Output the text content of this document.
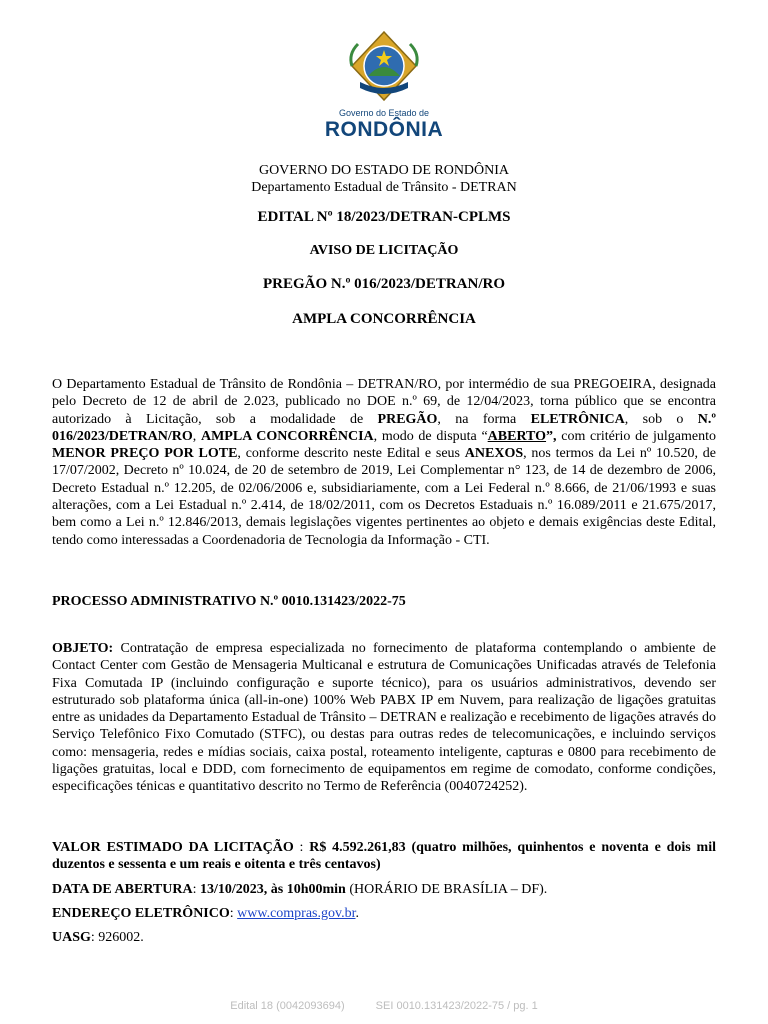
Governo do Estado de
RONDÔNIA
GOVERNO DO ESTADO DE RONDÔNIA
Departamento Estadual de Trânsito - DETRAN
EDITAL Nº 18/2023/DETRAN-CPLMS
AVISO DE LICITAÇÃO
PREGÃO N.º 016/2023/DETRAN/RO
AMPLA CONCORRÊNCIA

O Departamento Estadual de Trânsito de Rondônia – DETRAN/RO, por intermédio de sua PREGOEIRA, designada pelo Decreto de 12 de abril de 2.023, publicado no DOE n.º 69, de 12/04/2023, torna público que se encontra autorizado à Licitação, sob a modalidade de PREGÃO, na forma ELETRÔNICA, sob o N.º 016/2023/DETRAN/RO, AMPLA CONCORRÊNCIA, modo de disputa “ABERTO”, com critério de julgamento MENOR PREÇO POR LOTE, conforme descrito neste Edital e seus ANEXOS, nos termos da Lei nº 10.520, de 17/07/2002, Decreto nº 10.024, de 20 de setembro de 2019, Lei Complementar n° 123, de 14 de dezembro de 2006, Decreto Estadual n.º 12.205, de 02/06/2006 e, subsidiariamente, com a Lei Federal n.º 8.666, de 21/06/1993 e suas alterações, com a Lei Estadual n.º 2.414, de 18/02/2011, com os Decretos Estaduais n.º 16.089/2011 e 21.675/2017, bem como a Lei n.º 12.846/2013, demais legislações vigentes pertinentes ao objeto e demais exigências deste Edital, tendo como interessadas a Coordenadoria de Tecnologia da Informação - CTI.

PROCESSO ADMINISTRATIVO N.º 0010.131423/2022-75

OBJETO: Contratação de empresa especializada no fornecimento de plataforma contemplando o ambiente de Contact Center com Gestão de Mensageria Multicanal e estrutura de Comunicações Unificadas através de Telefonia Fixa Comutada IP (incluindo configuração e suporte técnico), para os usuários administrativos, devendo ser estruturado sob plataforma única (all-in-one) 100% Web PABX IP em Nuvem, para realização de ligações gratuitas entre as unidades da Departamento Estadual de Trânsito – DETRAN e realização e recebimento de ligações através do Serviço Telefônico Fixo Comutado (STFC), ou destas para outras redes de telecomunicações, e incluindo serviços como: mensageria, redes e mídias sociais, caixa postal, roteamento inteligente, capturas e 0800 para recebimento de ligações gratuitas, local e DDD, com fornecimento de equipamentos em regime de comodato, conforme condições, especificações ténicas e quantitativo descrito no Termo de Referência (0040724252).

VALOR ESTIMADO DA LICITAÇÃO : R$ 4.592.261,83 (quatro milhões, quinhentos e noventa e dois mil duzentos e sessenta e um reais e oitenta e três centavos)

DATA DE ABERTURA: 13/10/2023, às 10h00min (HORÁRIO DE BRASÍLIA – DF).
ENDEREÇO ELETRÔNICO: www.compras.gov.br.
UASG: 926002.
Edital 18 (0042093694)	SEI 0010.131423/2022-75 / pg. 1
